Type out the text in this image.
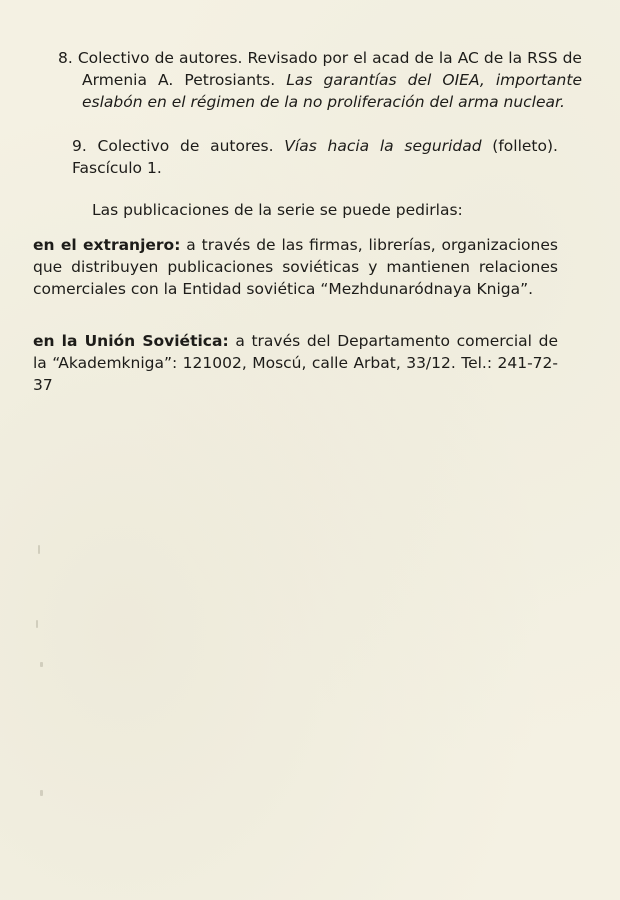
8. Colectivo de autores. Revisado por el acad de la AC de la RSS de Armenia A. Petrosiants. Las garantías del OIEA, importante eslabón en el régimen de la no proliferación del arma nuclear.
9. Colectivo de autores. Vías hacia la seguridad (folleto). Fascículo 1.
Las publicaciones de la serie se puede pedirlas:
en el extranjero: a través de las firmas, librerías, organizaciones que distribuyen publicaciones soviéticas y mantienen relaciones comerciales con la Entidad soviética “Mezhdunaródnaya Kniga”.
en la Unión Soviética: a través del Departamento comercial de la “Akademkniga”: 121002, Moscú, calle Arbat, 33/12. Tel.: 241-72-37
